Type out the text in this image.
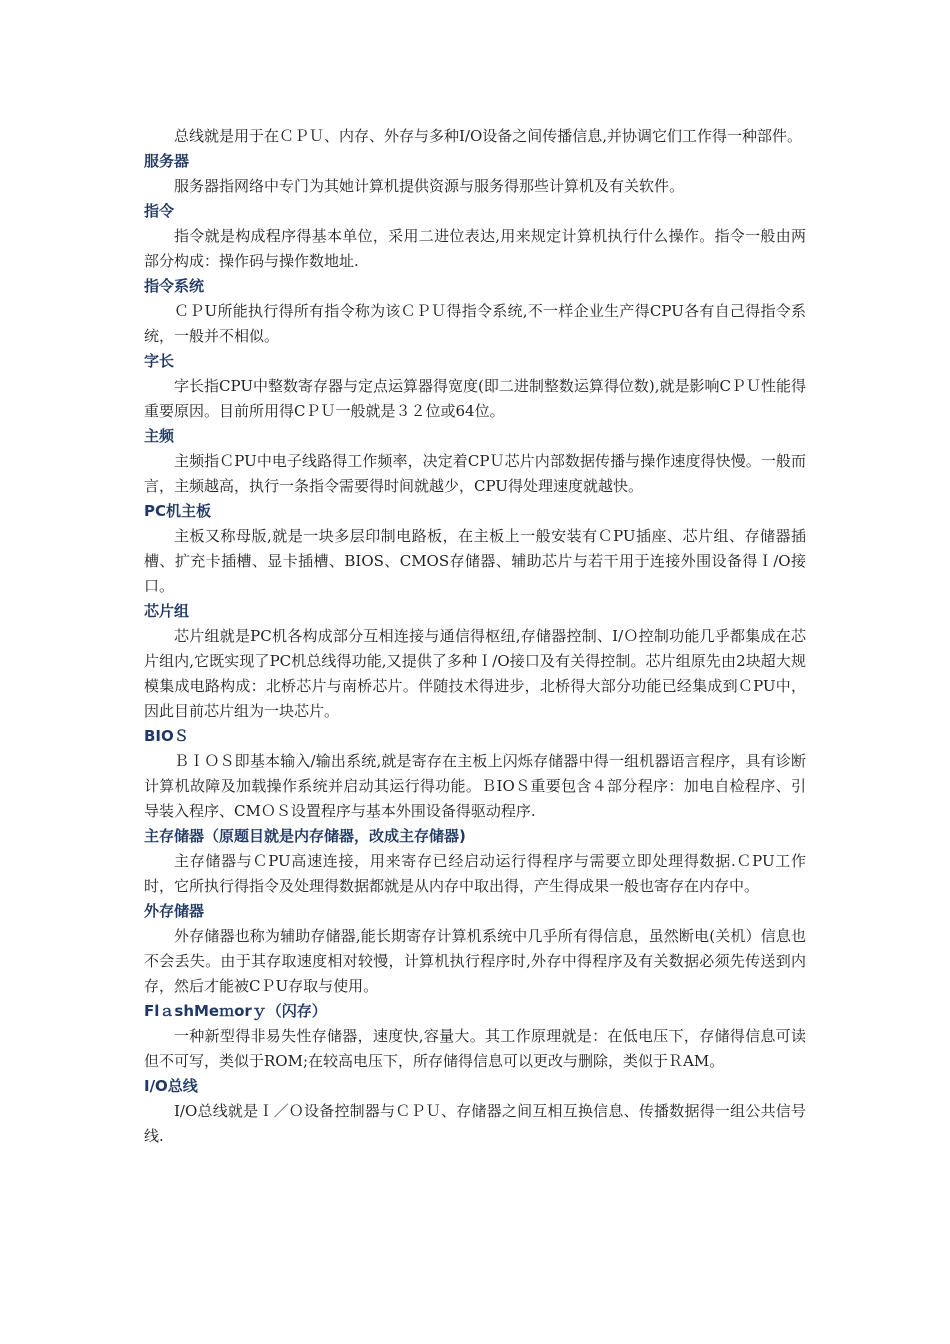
总线就是用于在ＣＰＵ、内存、外存与多种I/O设备之间传播信息,并协调它们工作得一种部件。

服务器

服务器指网络中专门为其她计算机提供资源与服务得那些计算机及有关软件。

指令

指令就是构成程序得基本单位，采用二进位表达,用来规定计算机执行什么操作。指令一般由两部分构成：操作码与操作数地址.

指令系统

ＣＰU所能执行得所有指令称为该ＣＰＵ得指令系统,不一样企业生产得CPU各有自己得指令系统，一般并不相似。

字长

字长指CPU中整数寄存器与定点运算器得宽度(即二进制整数运算得位数),就是影响CＰＵ性能得重要原因。目前所用得CＰＵ一般就是３２位或64位。

主频

主频指ＣPU中电子线路得工作频率，决定着CPＵ芯片内部数据传播与操作速度得快慢。一般而言，主频越高，执行一条指令需要得时间就越少，CPU得处理速度就越快。

PC机主板

主板又称母版,就是一块多层印制电路板，在主板上一般安装有ＣPU插座、芯片组、存储器插槽、扩充卡插槽、显卡插槽、BIOS、CMOS存储器、辅助芯片与若干用于连接外围设备得Ｉ/O接口。

芯片组

芯片组就是PC机各构成部分互相连接与通信得枢纽,存储器控制、I/Ｏ控制功能几乎都集成在芯片组内,它既实现了PC机总线得功能,又提供了多种Ｉ/O接口及有关得控制。芯片组原先由2块超大规模集成电路构成：北桥芯片与南桥芯片。伴随技术得进步，北桥得大部分功能已经集成到ＣPU中，因此目前芯片组为一块芯片。

BIOＳ

ＢＩＯＳ即基本输入/输出系统,就是寄存在主板上闪烁存储器中得一组机器语言程序，具有诊断计算机故障及加载操作系统并启动其运行得功能。ＢIOＳ重要包含４部分程序：加电自检程序、引导装入程序、CMＯＳ设置程序与基本外围设备得驱动程序.

主存储器（原题目就是内存储器，改成主存储器)

主存储器与ＣPU高速连接，用来寄存已经启动运行得程序与需要立即处理得数据.ＣPU工作时，它所执行得指令及处理得数据都就是从内存中取出得，产生得成果一般也寄存在内存中。

外存储器

外存储器也称为辅助存储器,能长期寄存计算机系统中几乎所有得信息，虽然断电(关机）信息也不会丢失。由于其存取速度相对较慢，计算机执行程序时,外存中得程序及有关数据必须先传送到内存，然后才能被CＰU存取与使用。

FlａshMeｍorｙ（闪存）

一种新型得非易失性存储器，速度快,容量大。其工作原理就是：在低电压下，存储得信息可读但不可写，类似于ROM;在较高电压下，所存储得信息可以更改与删除，类似于ＲAM。

I/O总线

I/O总线就是Ｉ／Ｏ设备控制器与ＣＰＵ、存储器之间互相互换信息、传播数据得一组公共信号线.
